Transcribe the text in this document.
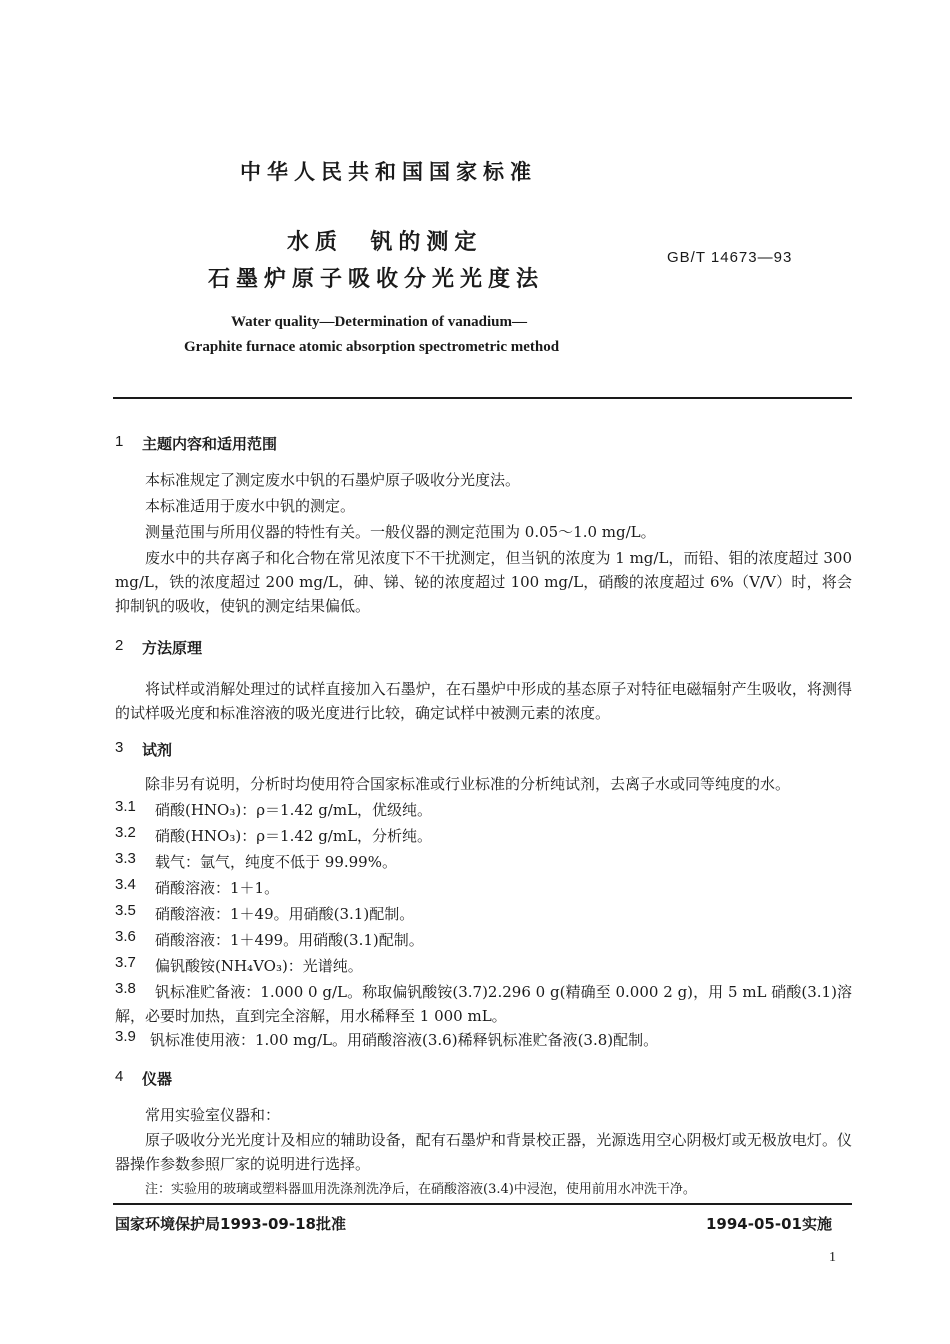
中华人民共和国国家标准
水质  钒的测定
石墨炉原子吸收分光光度法
GB/T 14673—93
Water quality—Determination of vanadium—
Graphite furnace atomic absorption spectrometric method
1 主题内容和适用范围
本标准规定了测定废水中钒的石墨炉原子吸收分光度法。
本标准适用于废水中钒的测定。
测量范围与所用仪器的特性有关。一般仪器的测定范围为 0.05～1.0 mg/L。
废水中的共存离子和化合物在常见浓度下不干扰测定，但当钒的浓度为 1 mg/L，而铅、钼的浓度超过 300 mg/L，铁的浓度超过 200 mg/L，砷、锑、铋的浓度超过 100 mg/L，硝酸的浓度超过 6%（V/V）时，将会抑制钒的吸收，使钒的测定结果偏低。
2 方法原理
将试样或消解处理过的试样直接加入石墨炉，在石墨炉中形成的基态原子对特征电磁辐射产生吸收，将测得的试样吸光度和标准溶液的吸光度进行比较，确定试样中被测元素的浓度。
3 试剂
除非另有说明，分析时均使用符合国家标准或行业标准的分析纯试剂，去离子水或同等纯度的水。
3.1 硝酸(HNO₃)：ρ＝1.42 g/mL，优级纯。
3.2 硝酸(HNO₃)：ρ＝1.42 g/mL，分析纯。
3.3 载气：氩气，纯度不低于 99.99%。
3.4 硝酸溶液：1＋1。
3.5 硝酸溶液：1＋49。用硝酸(3.1)配制。
3.6 硝酸溶液：1＋499。用硝酸(3.1)配制。
3.7 偏钒酸铵(NH₄VO₃)：光谱纯。
3.8	钒标准贮备液：1.000 0 g/L。称取偏钒酸铵(3.7)2.296 0 g(精确至 0.000 2 g)，用 5 mL 硝酸(3.1)溶解，必要时加热，直到完全溶解，用水稀释至 1 000 mL。
3.9 钒标准使用液：1.00 mg/L。用硝酸溶液(3.6)稀释钒标准贮备液(3.8)配制。
4 仪器
常用实验室仪器和：
原子吸收分光光度计及相应的辅助设备，配有石墨炉和背景校正器，光源选用空心阴极灯或无极放电灯。仪器操作参数参照厂家的说明进行选择。
注：实验用的玻璃或塑料器皿用洗涤剂洗净后，在硝酸溶液(3.4)中浸泡，使用前用水冲洗干净。
国家环境保护局1993-09-18批准	1994-05-01实施
1
